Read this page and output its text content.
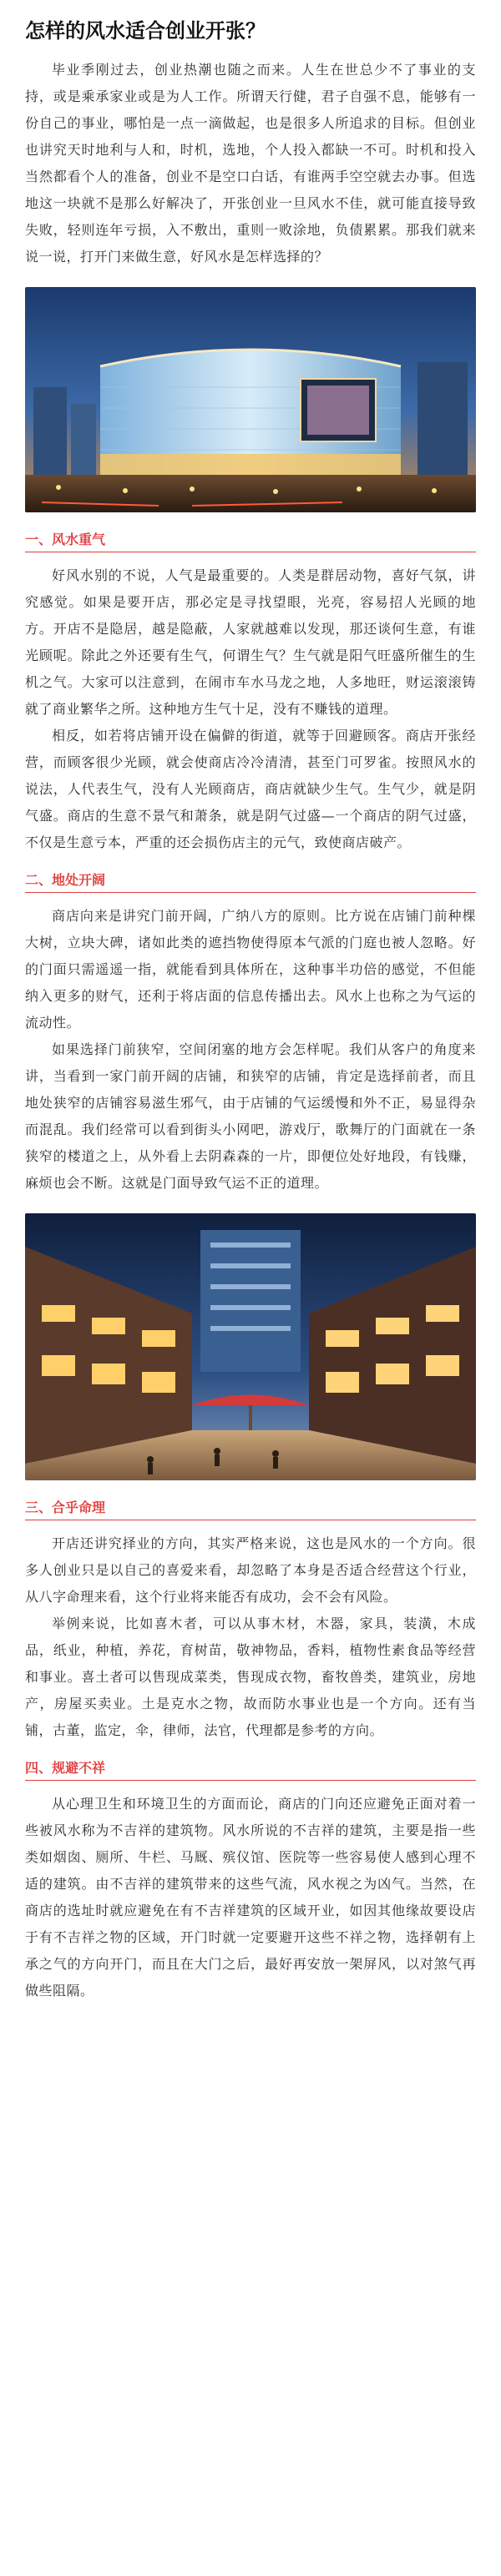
怎样的风水适合创业开张？

毕业季刚过去，创业热潮也随之而来。人生在世总少不了事业的支持，或是乘承家业或是为人工作。所谓天行健，君子自强不息，能够有一份自己的事业，哪怕是一点一滴做起，也是很多人所追求的目标。但创业也讲究天时地利与人和，时机，选地，个人投入都缺一不可。时机和投入当然都看个人的准备，创业不是空口白话，有谁两手空空就去办事。但选地这一块就不是那么好解决了，开张创业一旦风水不佳，就可能直接导致失败，轻则连年亏损，入不敷出，重则一败涂地，负债累累。那我们就来说一说，打开门来做生意，好风水是怎样选择的？

一、风水重气

好风水别的不说，人气是最重要的。人类是群居动物，喜好气氛，讲究感觉。如果是要开店，那必定是寻找望眼，光亮，容易招人光顾的地方。开店不是隐居，越是隐蔽，人家就越难以发现，那还谈何生意，有谁光顾呢。除此之外还要有生气，何谓生气？生气就是阳气旺盛所催生的生机之气。大家可以注意到，在闹市车水马龙之地，人多地旺，财运滚滚铸就了商业繁华之所。这种地方生气十足，没有不赚钱的道理。

相反，如若将店铺开设在偏僻的街道，就等于回避顾客。商店开张经营，而顾客很少光顾，就会使商店冷冷清清，甚至门可罗雀。按照风水的说法，人代表生气，没有人光顾商店，商店就缺少生气。生气少，就是阴气盛。商店的生意不景气和萧条，就是阴气过盛—一个商店的阴气过盛，不仅是生意亏本，严重的还会损伤店主的元气，致使商店破产。

二、地处开阔

商店向来是讲究门前开阔，广纳八方的原则。比方说在店铺门前种棵大树，立块大碑，诸如此类的遮挡物使得原本气派的门庭也被人忽略。好的门面只需遥遥一指，就能看到具体所在，这种事半功倍的感觉，不但能纳入更多的财气，还利于将店面的信息传播出去。风水上也称之为气运的流动性。

如果选择门前狭窄，空间闭塞的地方会怎样呢。我们从客户的角度来讲，当看到一家门前开阔的店铺，和狭窄的店铺，肯定是选择前者，而且地处狭窄的店铺容易滋生邪气，由于店铺的气运缓慢和外不正，易显得杂而混乱。我们经常可以看到街头小网吧，游戏厅，歌舞厅的门面就在一条狭窄的楼道之上，从外看上去阴森森的一片，即便位处好地段，有钱赚，麻烦也会不断。这就是门面导致气运不正的道理。

三、合乎命理

开店还讲究择业的方向，其实严格来说，这也是风水的一个方向。很多人创业只是以自己的喜爱来看，却忽略了本身是否适合经营这个行业，从八字命理来看，这个行业将来能否有成功，会不会有风险。

举例来说，比如喜木者，可以从事木材，木器，家具，装潢，木成品，纸业，种植，养花，育树苗，敬神物品，香料，植物性素食品等经营和事业。喜土者可以售现成菜类，售现成衣物，畜牧兽类，建筑业，房地产，房屋买卖业。土是克水之物，故而防水事业也是一个方向。还有当铺，古董，监定，伞，律师，法官，代理都是参考的方向。

四、规避不祥

从心理卫生和环境卫生的方面而论，商店的门向还应避免正面对着一些被风水称为不吉祥的建筑物。风水所说的不吉祥的建筑，主要是指一些类如烟囱、厕所、牛栏、马厩、殡仪馆、医院等一些容易使人感到心理不适的建筑。由不吉祥的建筑带来的这些气流，风水视之为凶气。当然，在商店的选址时就应避免在有不吉祥建筑的区域开业，如因其他缘故要设店于有不吉祥之物的区域，开门时就一定要避开这些不祥之物，选择朝有上承之气的方向开门，而且在大门之后，最好再安放一架屏风，以对煞气再做些阻隔。
